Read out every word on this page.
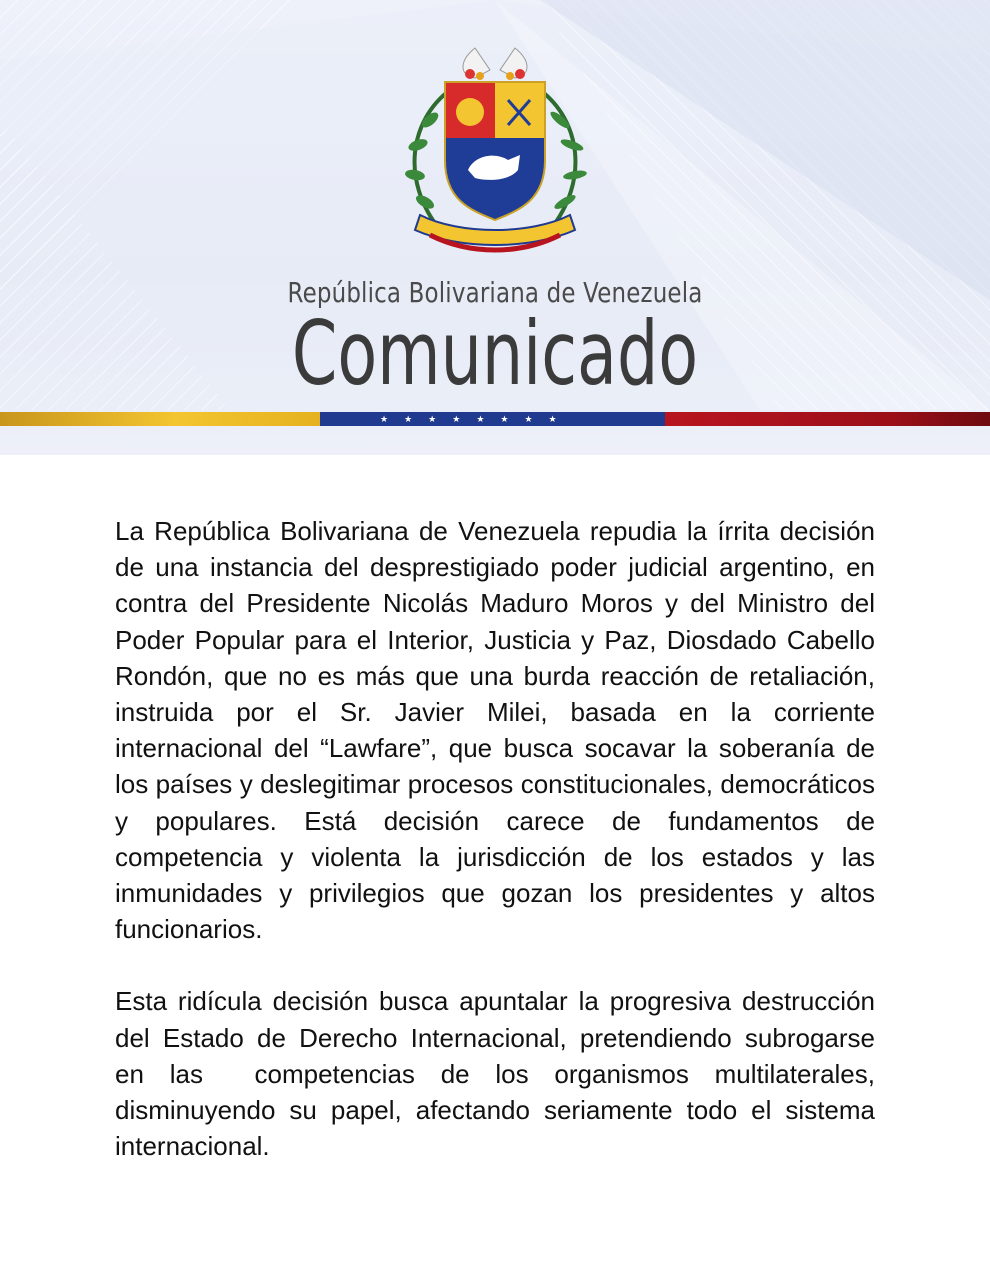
República Bolivariana de Venezuela
Comunicado
★ ★ ★ ★ ★ ★ ★ ★

La República Bolivariana de Venezuela repudia la írrita decisión de una instancia del desprestigiado poder judicial argentino, en contra del Presidente Nicolás Maduro Moros y del Ministro del Poder Popular para el Interior, Justicia y Paz, Diosdado Cabello Rondón, que no es más que una burda reacción de retaliación, instruida por el Sr. Javier Milei, basada en la corriente internacional del “Lawfare”, que busca socavar la soberanía de los países y deslegitimar procesos constitucionales, democráticos y populares. Está decisión carece de fundamentos de competencia y violenta la jurisdicción de los estados y las inmunidades y privilegios que gozan los presidentes y altos funcionarios.

Esta ridícula decisión busca apuntalar la progresiva destrucción del Estado de Derecho Internacional, pretendiendo subrogarse en las  competencias de los organismos multilaterales, disminuyendo su papel, afectando seriamente todo el sistema internacional.
